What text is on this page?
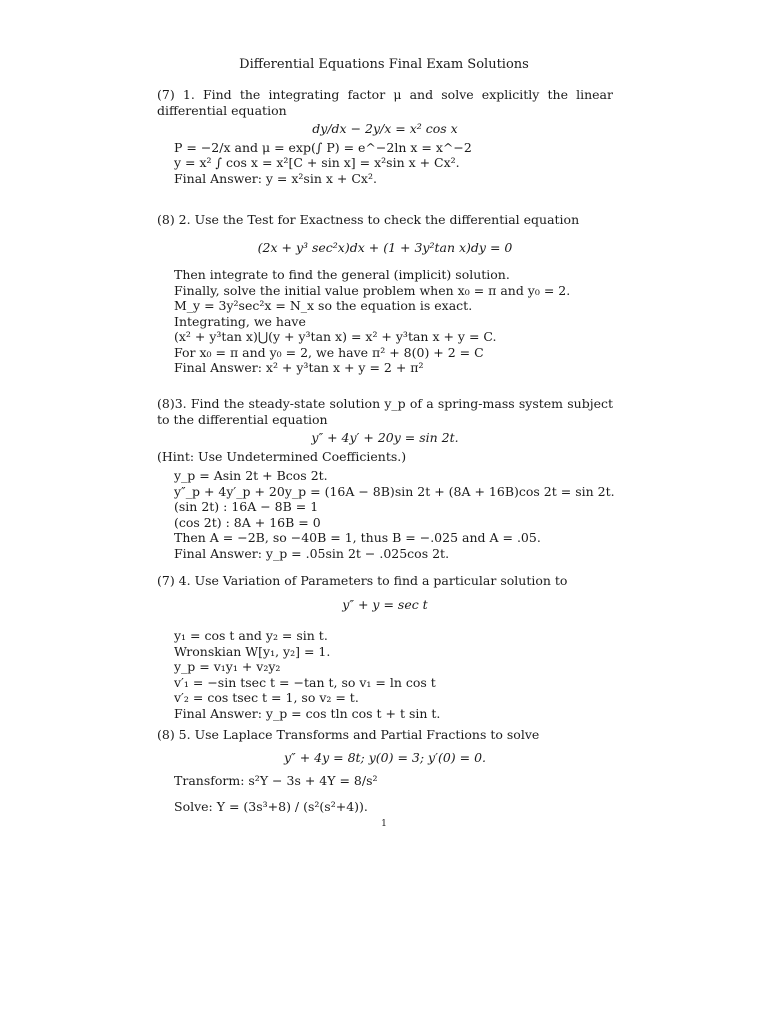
Differential Equations Final Exam Solutions
(7) 1. Find the integrating factor μ and solve explicitly the linear differential equation
dy/dx − 2y/x = x² cos x
P = −2/x and μ = exp(∫ P) = e^−2ln x = x^−2
y = x² ∫ cos x = x²[C + sin x] = x²sin x + Cx².
Final Answer: y = x²sin x + Cx².
(8) 2. Use the Test for Exactness to check the differential equation
(2x + y³ sec²x)dx + (1 + 3y²tan x)dy = 0
Then integrate to find the general (implicit) solution.
Finally, solve the initial value problem when x₀ = π and y₀ = 2.
M_y = 3y²sec²x = N_x so the equation is exact.
Integrating, we have
(x² + y³tan x)⋃(y + y³tan x) = x² + y³tan x + y = C.
For x₀ = π and y₀ = 2, we have π² + 8(0) + 2 = C
Final Answer: x² + y³tan x + y = 2 + π²
(8)3. Find the steady-state solution y_p of a spring-mass system subject to the differential equation
y″ + 4y′ + 20y = sin 2t.
(Hint: Use Undetermined Coefficients.)
y_p = Asin 2t + Bcos 2t.
y″_p + 4y′_p + 20y_p = (16A − 8B)sin 2t + (8A + 16B)cos 2t = sin 2t.
(sin 2t) : 16A − 8B = 1
(cos 2t) : 8A + 16B = 0
Then A = −2B, so −40B = 1, thus B = −.025 and A = .05.
Final Answer: y_p = .05sin 2t − .025cos 2t.
(7) 4. Use Variation of Parameters to find a particular solution to
y″ + y = sec t
y₁ = cos t and y₂ = sin t.
Wronskian W[y₁, y₂] = 1.
y_p = v₁y₁ + v₂y₂
v′₁ = −sin tsec t = −tan t, so v₁ = ln cos t
v′₂ = cos tsec t = 1, so v₂ = t.
Final Answer: y_p = cos tln cos t + t sin t.
(8) 5. Use Laplace Transforms and Partial Fractions to solve
y″ + 4y = 8t; y(0) = 3; y′(0) = 0.
Transform: s²Y − 3s + 4Y = 8/s²
Solve: Y = (3s³+8) / (s²(s²+4)).
1
